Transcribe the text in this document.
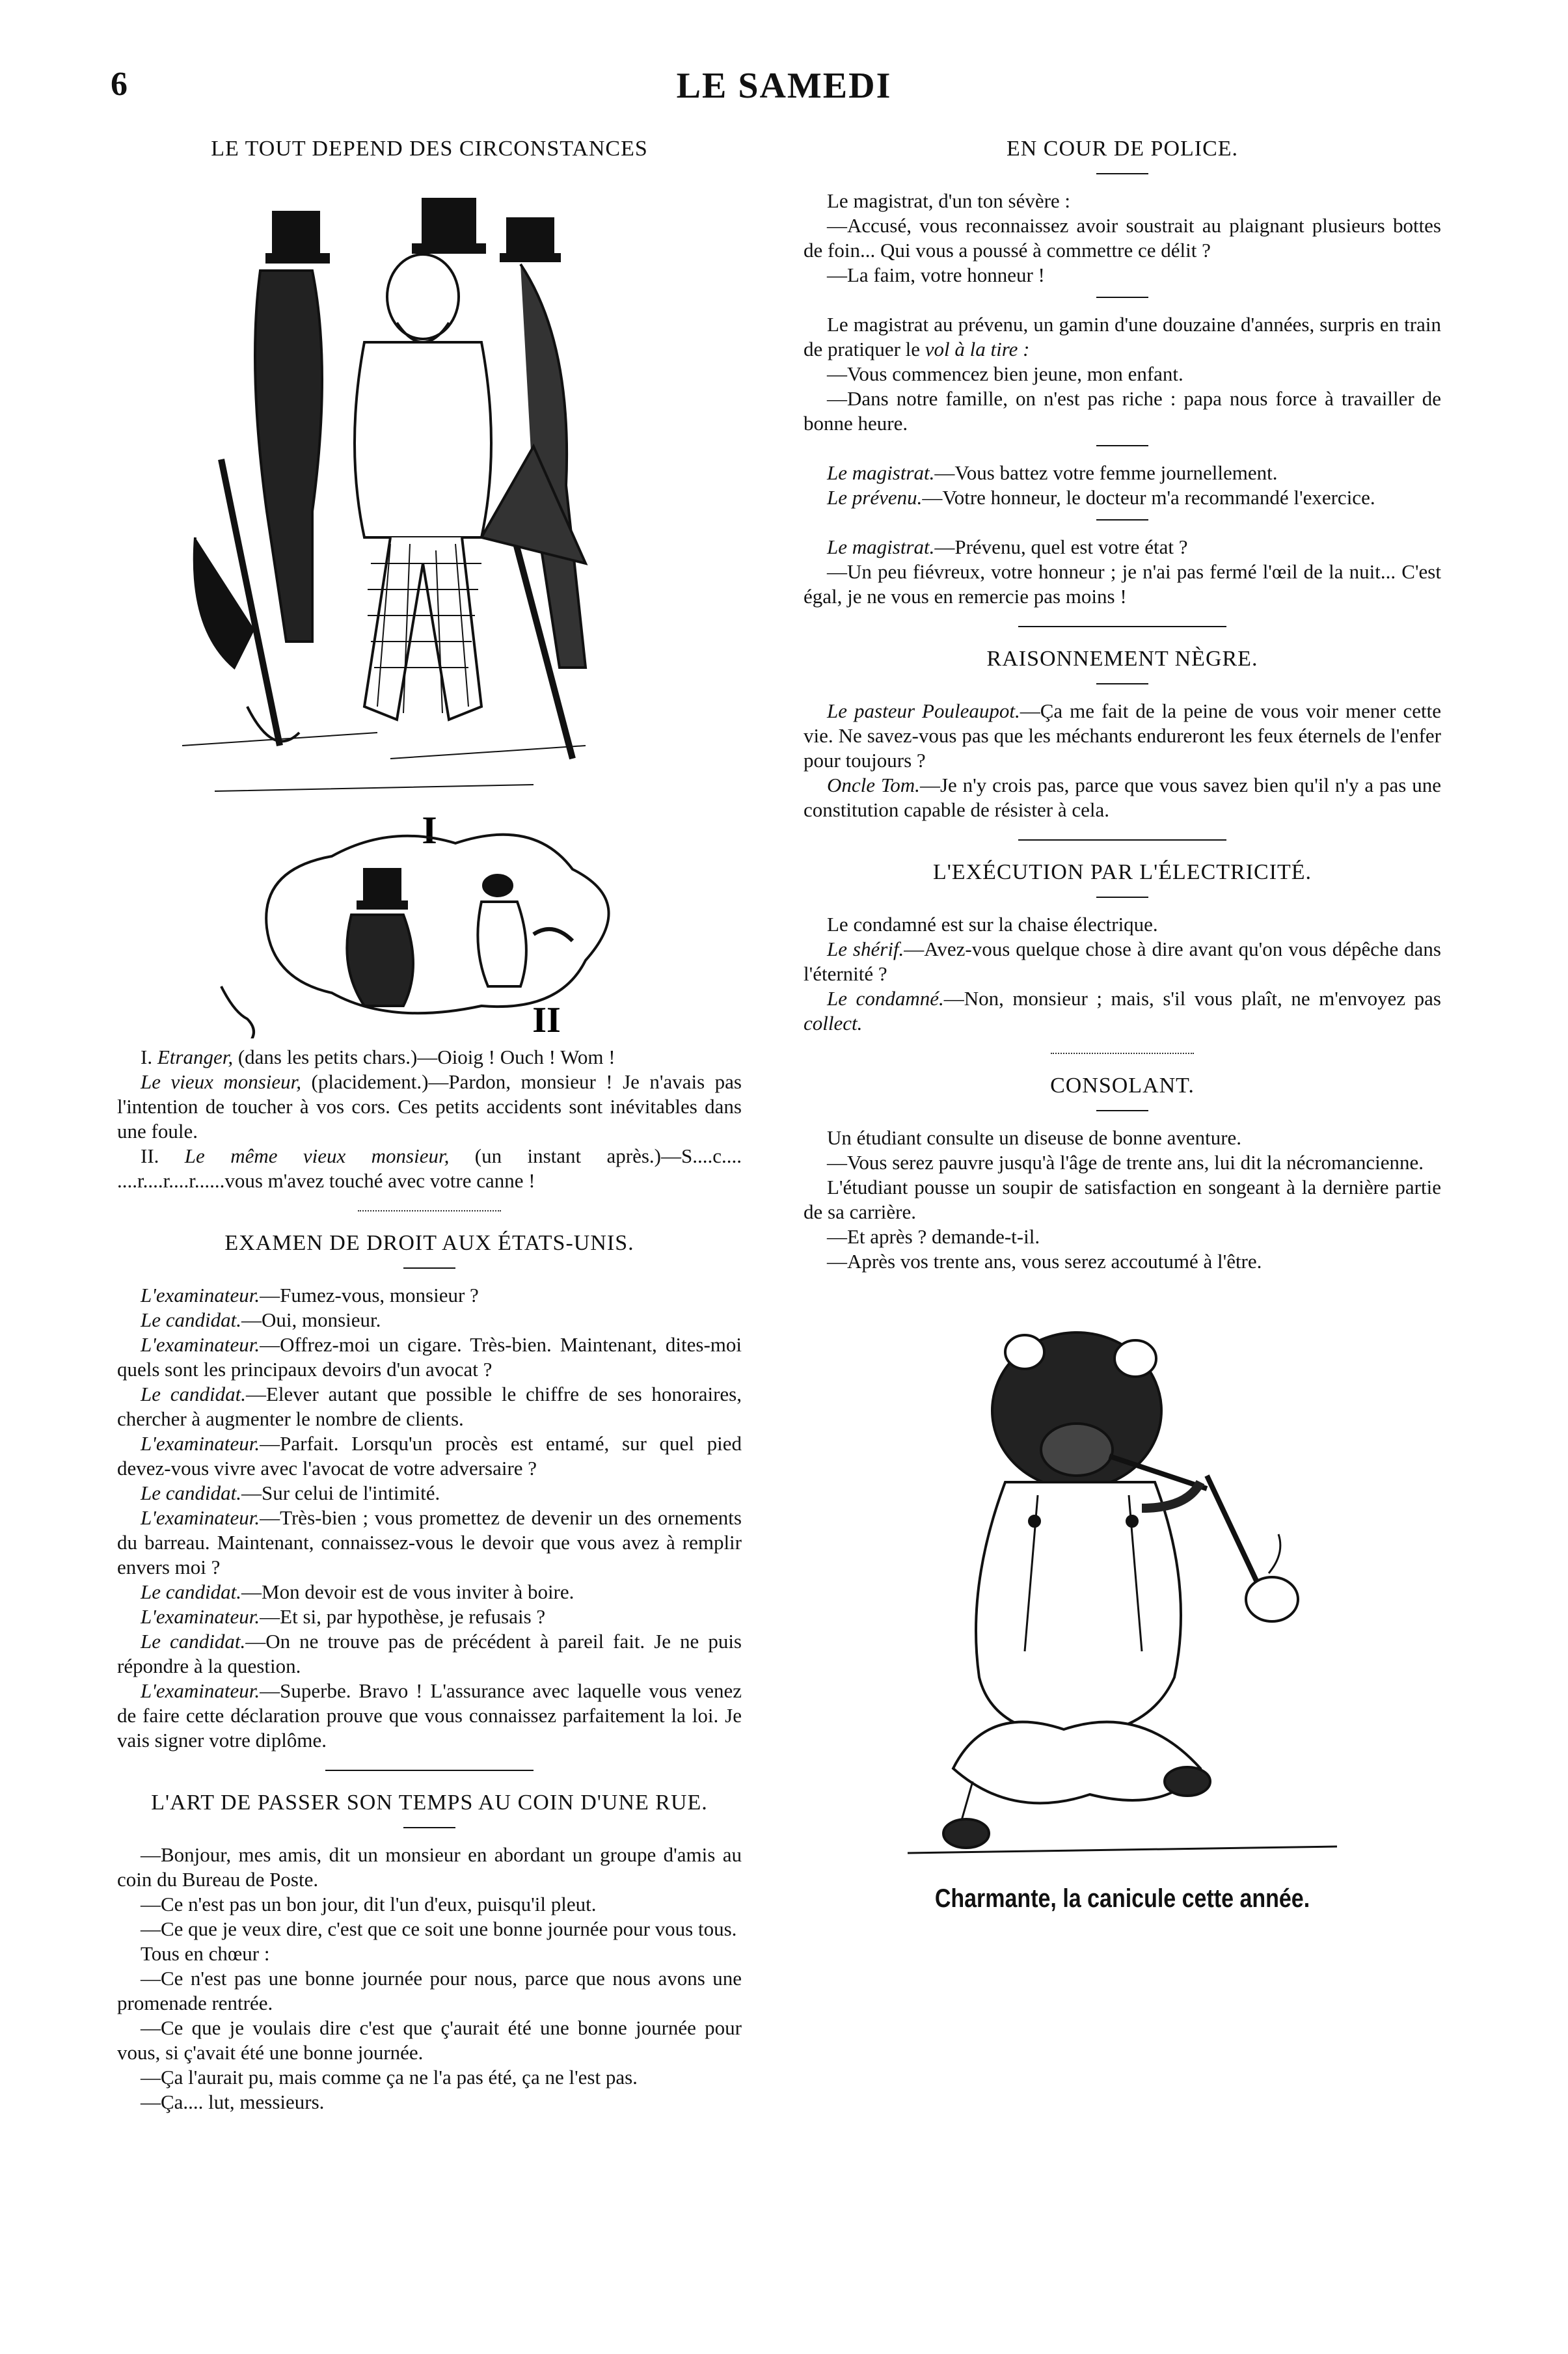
6	LE SAMEDI
LE TOUT DEPEND DES CIRCONSTANCES
I
II

I. Etranger, (dans les petits chars.)—Oioig ! Ouch ! Wom !

Le vieux monsieur, (placidement.)—Pardon, monsieur ! Je n'avais pas l'intention de toucher à vos cors. Ces petits accidents sont inévitables dans une foule.

II. Le même vieux monsieur, (un instant après.)—S....c.... ....r....r....r......vous m'avez touché avec votre canne !

EXAMEN DE DROIT AUX ÉTATS-UNIS.

L'examinateur.—Fumez-vous, monsieur ?

Le candidat.—Oui, monsieur.

L'examinateur.—Offrez-moi un cigare. Très-bien. Maintenant, dites-moi quels sont les principaux devoirs d'un avocat ?

Le candidat.—Elever autant que possible le chiffre de ses honoraires, chercher à augmenter le nombre de clients.

L'examinateur.—Parfait. Lorsqu'un procès est entamé, sur quel pied devez-vous vivre avec l'avocat de votre adversaire ?

Le candidat.—Sur celui de l'intimité.

L'examinateur.—Très-bien ; vous promettez de devenir un des ornements du barreau. Maintenant, connaissez-vous le devoir que vous avez à remplir envers moi ?

Le candidat.—Mon devoir est de vous inviter à boire.

L'examinateur.—Et si, par hypothèse, je refusais ?

Le candidat.—On ne trouve pas de précédent à pareil fait. Je ne puis répondre à la question.

L'examinateur.—Superbe. Bravo ! L'assurance avec laquelle vous venez de faire cette déclaration prouve que vous connaissez parfaitement la loi. Je vais signer votre diplôme.

L'ART DE PASSER SON TEMPS AU COIN D'UNE RUE.

—Bonjour, mes amis, dit un monsieur en abordant un groupe d'amis au coin du Bureau de Poste.

—Ce n'est pas un bon jour, dit l'un d'eux, puisqu'il pleut.

—Ce que je veux dire, c'est que ce soit une bonne journée pour vous tous.

Tous en chœur :

—Ce n'est pas une bonne journée pour nous, parce que nous avons une promenade rentrée.

—Ce que je voulais dire c'est que ç'aurait été une bonne journée pour vous, si ç'avait été une bonne journée.

—Ça l'aurait pu, mais comme ça ne l'a pas été, ça ne l'est pas.

—Ça.... lut, messieurs.

EN COUR DE POLICE.

Le magistrat, d'un ton sévère :

—Accusé, vous reconnaissez avoir soustrait au plaignant plusieurs bottes de foin... Qui vous a poussé à commettre ce délit ?

—La faim, votre honneur !

Le magistrat au prévenu, un gamin d'une douzaine d'années, surpris en train de pratiquer le vol à la tire :

—Vous commencez bien jeune, mon enfant.

—Dans notre famille, on n'est pas riche : papa nous force à travailler de bonne heure.

Le magistrat.—Vous battez votre femme journellement.

Le prévenu.—Votre honneur, le docteur m'a recommandé l'exercice.

Le magistrat.—Prévenu, quel est votre état ?

—Un peu fiévreux, votre honneur ; je n'ai pas fermé l'œil de la nuit... C'est égal, je ne vous en remercie pas moins !

RAISONNEMENT NÈGRE.

Le pasteur Pouleaupot.—Ça me fait de la peine de vous voir mener cette vie. Ne savez-vous pas que les méchants endureront les feux éternels de l'enfer pour toujours ?

Oncle Tom.—Je n'y crois pas, parce que vous savez bien qu'il n'y a pas une constitution capable de résister à cela.

L'EXÉCUTION PAR L'ÉLECTRICITÉ.

Le condamné est sur la chaise électrique.

Le shérif.—Avez-vous quelque chose à dire avant qu'on vous dépêche dans l'éternité ?

Le condamné.—Non, monsieur ; mais, s'il vous plaît, ne m'envoyez pas collect.

CONSOLANT.

Un étudiant consulte un diseuse de bonne aventure.

—Vous serez pauvre jusqu'à l'âge de trente ans, lui dit la nécromancienne.

L'étudiant pousse un soupir de satisfaction en songeant à la dernière partie de sa carrière.

—Et après ? demande-t-il.

—Après vos trente ans, vous serez accoutumé à l'être.

Charmante, la canicule cette année.
